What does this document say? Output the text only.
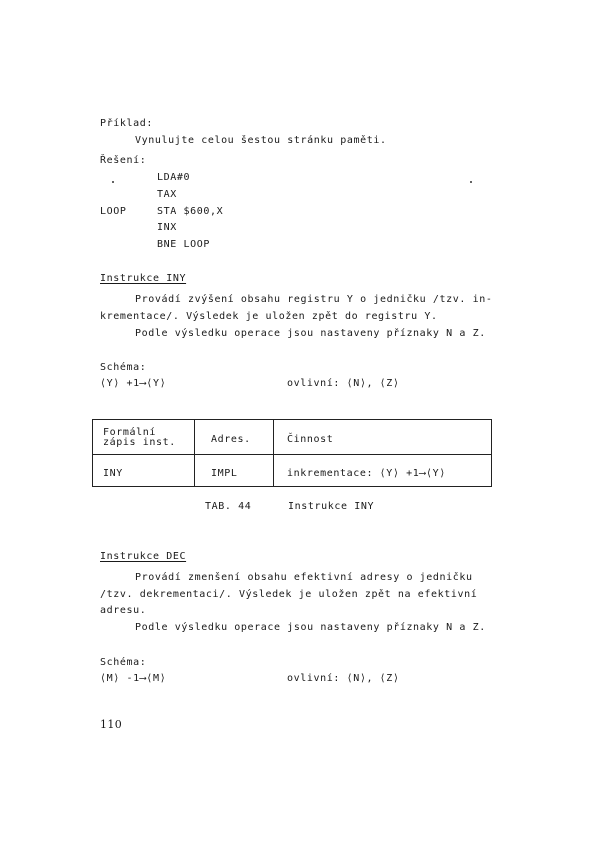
Příklad:
Vynulujte celou šestou stránku paměti.
Řešení:
LDA#0
TAX
LOOP	STA $600,X
INX
BNE LOOP
Instrukce INY
Provádí zvýšení obsahu registru Y o jedničku /tzv. in-
krementace/. Výsledek je uložen zpět do registru Y.
Podle výsledku operace jsou nastaveny příznaky N a Z.
Schéma:
⟨Y⟩ +1⟶⟨Y⟩	ovlivní: ⟨N⟩, ⟨Z⟩
Formální zápis inst.	Adres.	Činnost
INY	IMPL	inkrementace: ⟨Y⟩ +1⟶⟨Y⟩
TAB. 44	Instrukce INY
Instrukce DEC
Provádí zmenšení obsahu efektivní adresy o jedničku
/tzv. dekrementaci/. Výsledek je uložen zpět na efektivní
adresu.
Podle výsledku operace jsou nastaveny příznaky N a Z.
Schéma:
⟨M⟩ -1⟶⟨M⟩	ovlivní: ⟨N⟩, ⟨Z⟩
110
